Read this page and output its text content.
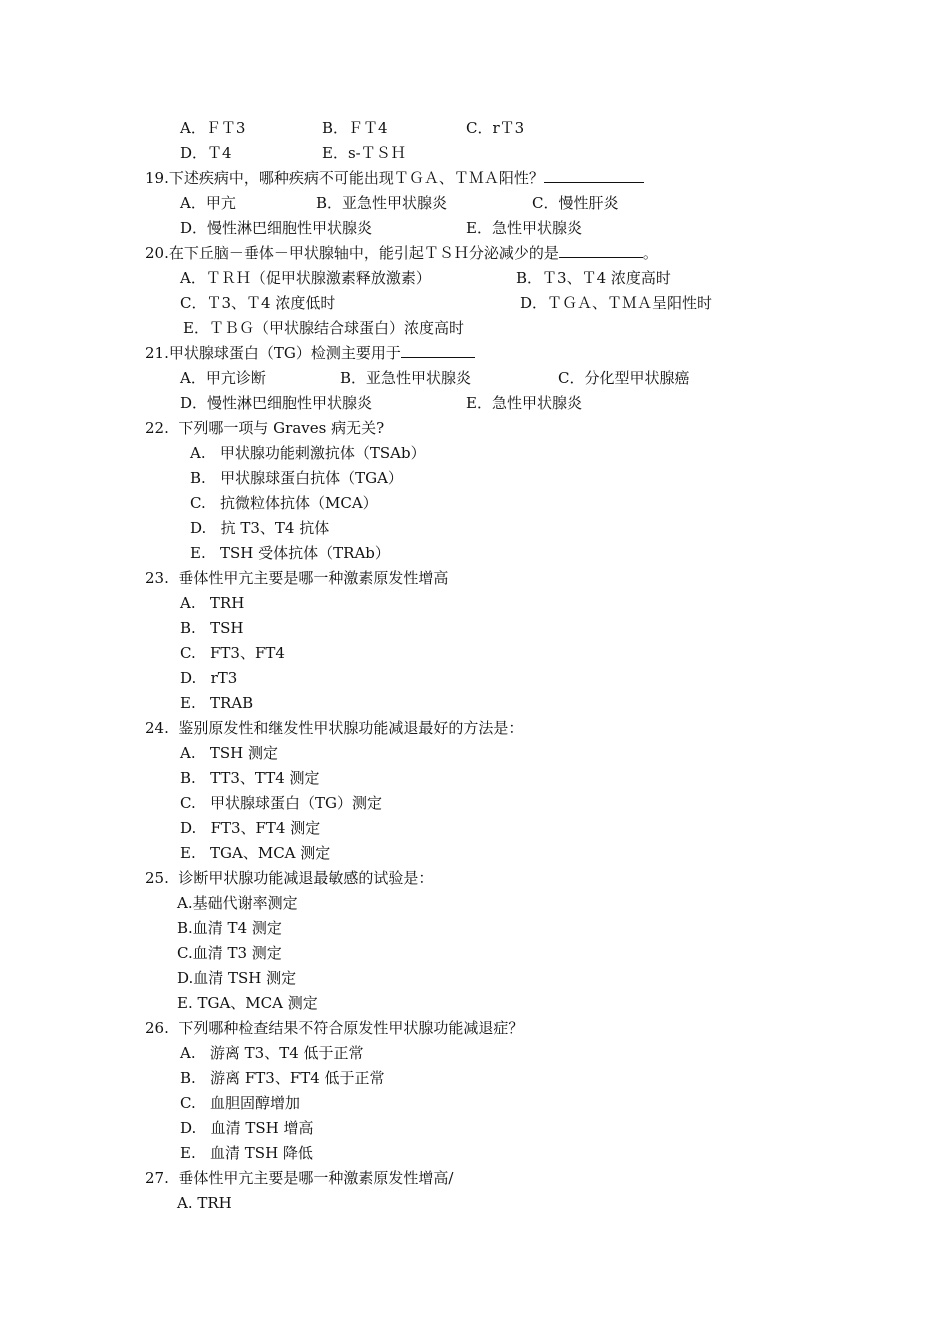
A．ＦＴ3	B．ＦＴ4	C．rＴ3
D．Ｔ4	E．s-ＴＳＨ
19.下述疾病中，哪种疾病不可能出现ＴＧＡ、ＴＭＡ阳性？
A．甲亢	B．亚急性甲状腺炎	C．慢性肝炎
D．慢性淋巴细胞性甲状腺炎	E．急性甲状腺炎
20.在下丘脑－垂体－甲状腺轴中，能引起ＴＳＨ分泌减少的是	。
A．ＴＲＨ（促甲状腺激素释放激素）	B．Ｔ3、Ｔ4 浓度高时
C．Ｔ3、Ｔ4 浓度低时	D．ＴＧＡ、ＴＭＡ呈阳性时
E．ＴＢＧ（甲状腺结合球蛋白）浓度高时
21.甲状腺球蛋白（TG）检测主要用于
A．甲亢诊断	B．亚急性甲状腺炎	C．分化型甲状腺癌
D．慢性淋巴细胞性甲状腺炎	E．急性甲状腺炎
22.  下列哪一项与 Graves 病无关?
A.   甲状腺功能刺激抗体（TSAb）
B.   甲状腺球蛋白抗体（TGA）
C.   抗微粒体抗体（MCA）
D.   抗 T3、T4 抗体
E.   TSH 受体抗体（TRAb）
23.  垂体性甲亢主要是哪一种激素原发性增高
A.   TRH
B.   TSH
C.   FT3、FT4
D.   rT3
E.   TRAB
24.  鉴别原发性和继发性甲状腺功能减退最好的方法是：
A.   TSH 测定
B.   TT3、TT4 测定
C.   甲状腺球蛋白（TG）测定
D.   FT3、FT4 测定
E.   TGA、MCA 测定
25.  诊断甲状腺功能减退最敏感的试验是：
A.基础代谢率测定
B.血清 T4 测定
C.血清 T3 测定
D.血清 TSH 测定
E. TGA、MCA 测定
26.  下列哪种检查结果不符合原发性甲状腺功能减退症？
A.   游离 T3、T4 低于正常
B.   游离 FT3、FT4 低于正常
C.   血胆固醇增加
D.   血清 TSH 增高
E.   血清 TSH 降低
27.  垂体性甲亢主要是哪一种激素原发性增高/
A. TRH
